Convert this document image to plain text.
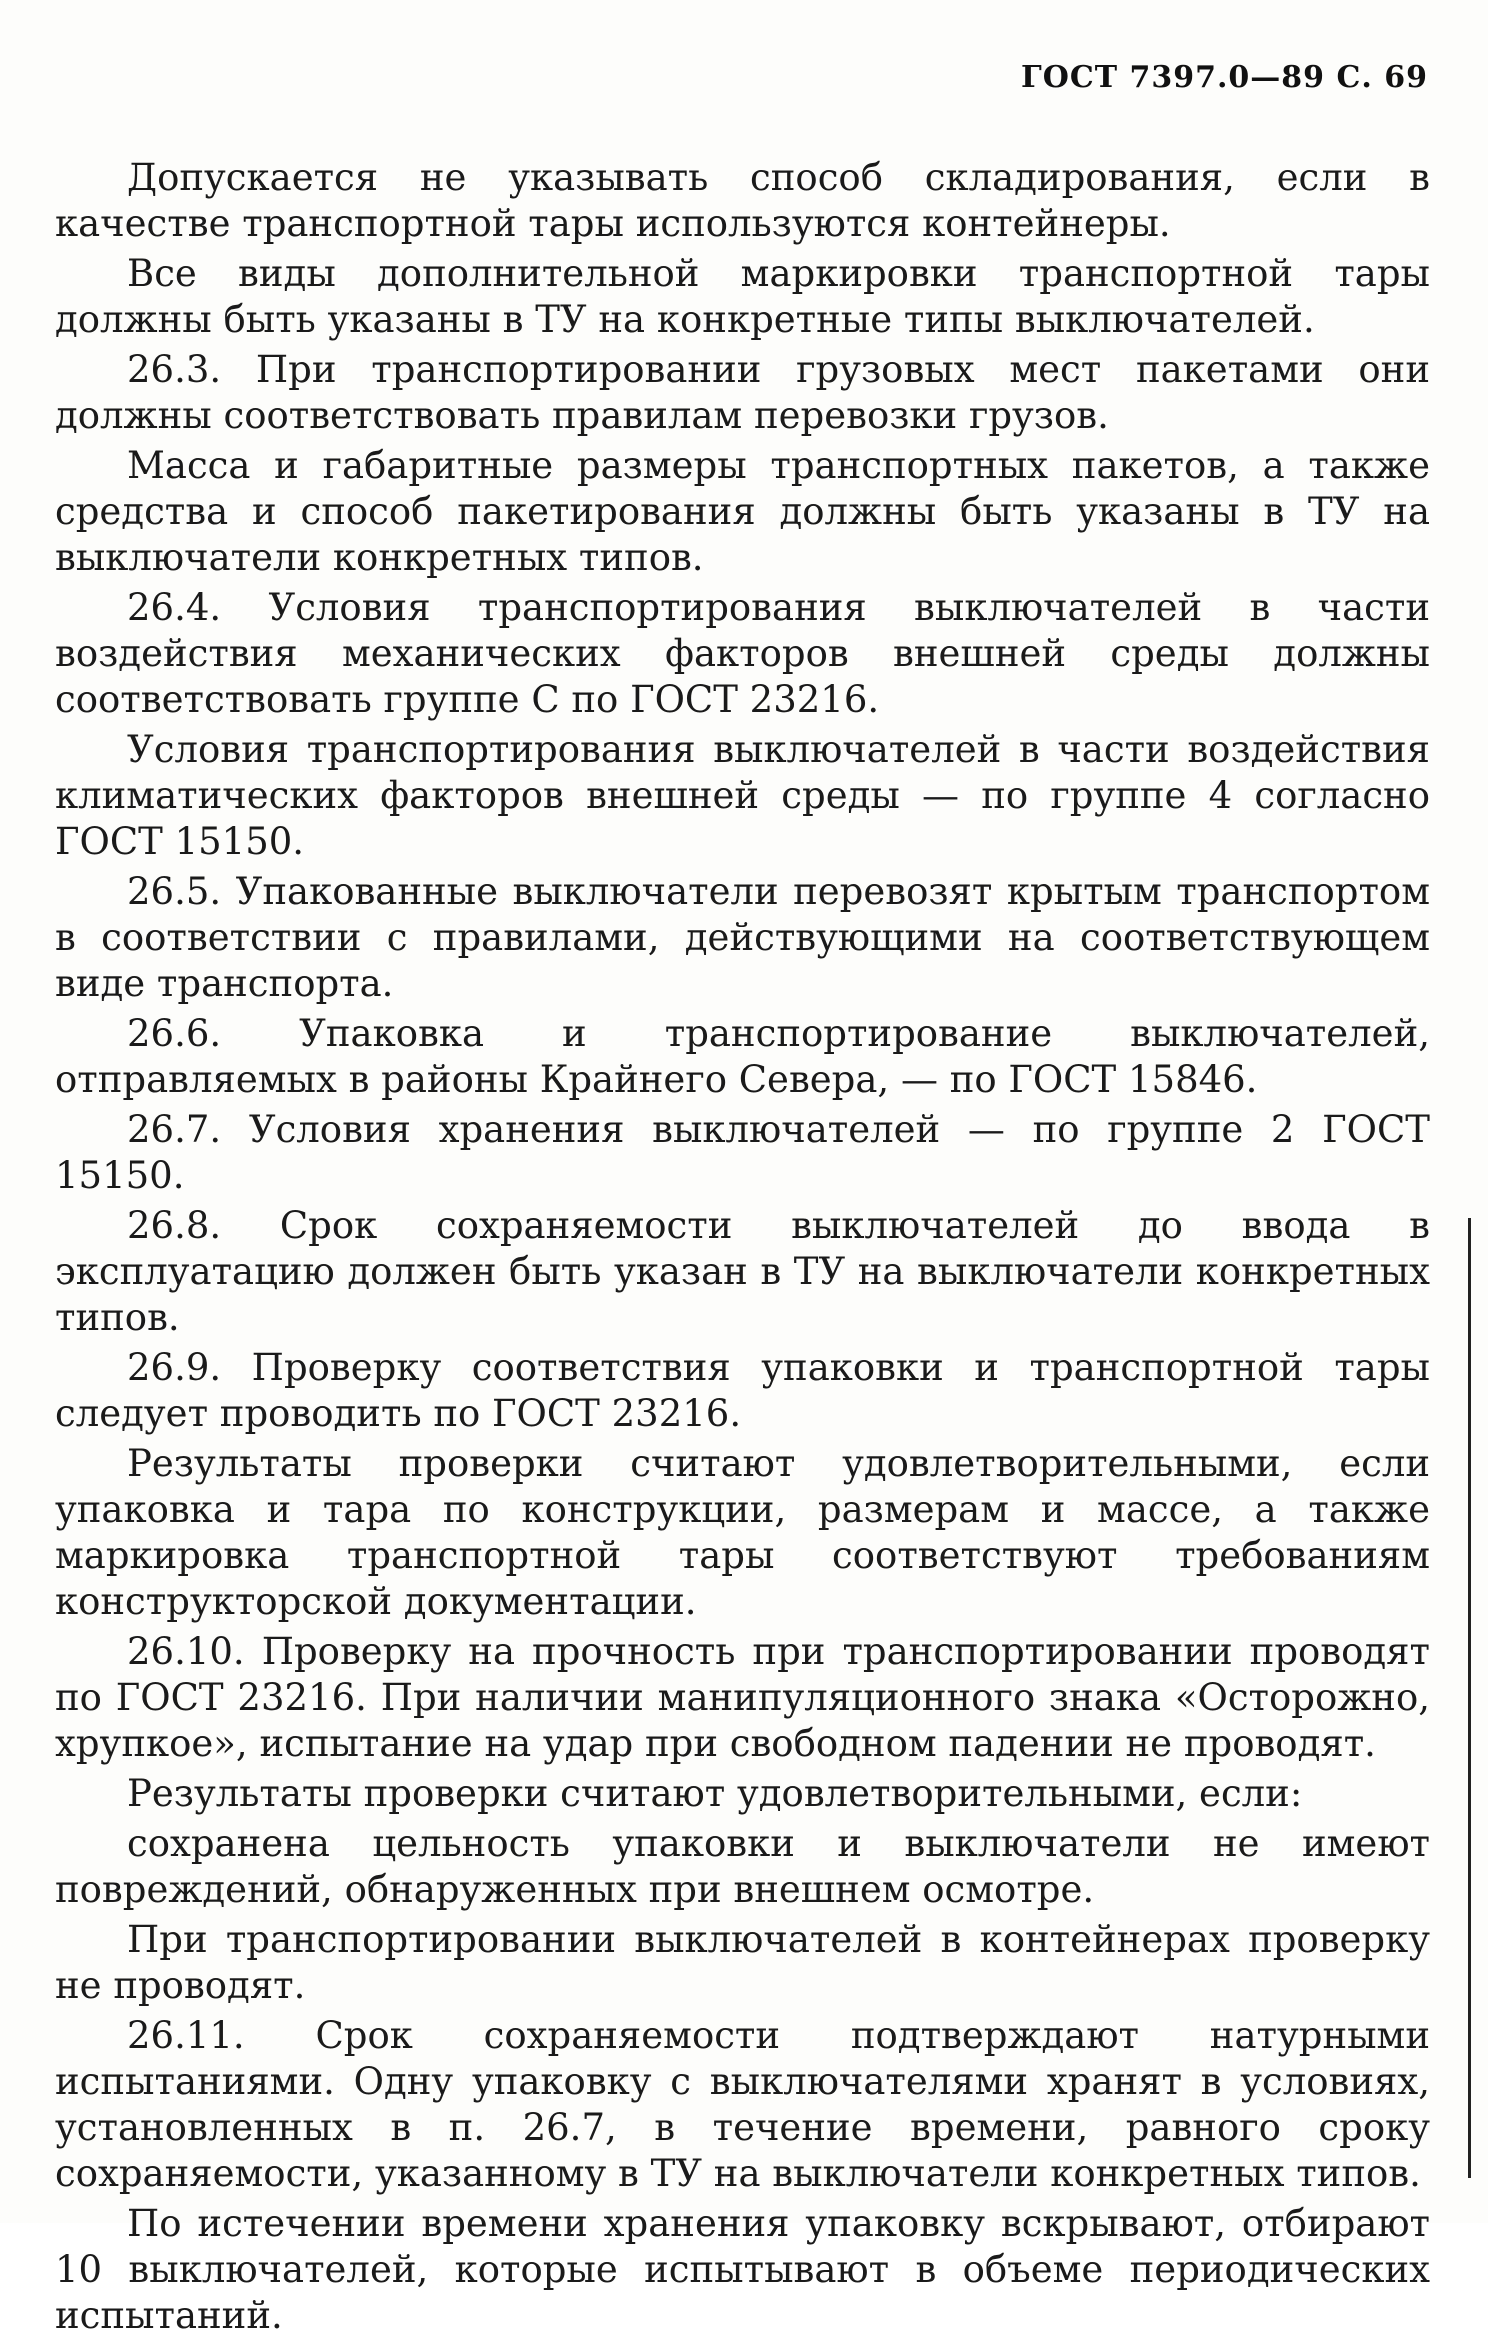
ГОСТ 7397.0—89 С. 69

Допускается не указывать способ складирования, если в качестве транспортной тары используются контейнеры.

Все виды дополнительной маркировки транспортной тары должны быть указаны в ТУ на конкретные типы выключателей.

26.3. При транспортировании грузовых мест пакетами они должны соответствовать правилам перевозки грузов.

Масса и габаритные размеры транспортных пакетов, а также средства и способ пакетирования должны быть указаны в ТУ на выключатели конкретных типов.

26.4. Условия транспортирования выключателей в части воздействия механических факторов внешней среды должны соответствовать группе С по ГОСТ 23216.

Условия транспортирования выключателей в части воздействия климатических факторов внешней среды — по группе 4 согласно ГОСТ 15150.

26.5. Упакованные выключатели перевозят крытым транспортом в соответствии с правилами, действующими на соответствующем виде транспорта.

26.6. Упаковка и транспортирование выключателей, отправляемых в районы Крайнего Севера, — по ГОСТ 15846.

26.7. Условия хранения выключателей — по группе 2 ГОСТ 15150.

26.8. Срок сохраняемости выключателей до ввода в эксплуатацию должен быть указан в ТУ на выключатели конкретных типов.

26.9. Проверку соответствия упаковки и транспортной тары следует проводить по ГОСТ 23216.

Результаты проверки считают удовлетворительными, если упаковка и тара по конструкции, размерам и массе, а также маркировка транспортной тары соответствуют требованиям конструкторской документации.

26.10. Проверку на прочность при транспортировании проводят по ГОСТ 23216. При наличии манипуляционного знака «Осторожно, хрупкое», испытание на удар при свободном падении не проводят.

Результаты проверки считают удовлетворительными, если:

сохранена цельность упаковки и выключатели не имеют повреждений, обнаруженных при внешнем осмотре.

При транспортировании выключателей в контейнерах проверку не проводят.

26.11. Срок сохраняемости подтверждают натурными испытаниями. Одну упаковку с выключателями хранят в условиях, установленных в п. 26.7, в течение времени, равного сроку сохраняемости, указанному в ТУ на выключатели конкретных типов.

По истечении времени хранения упаковку вскрывают, отбирают 10 выключателей, которые испытывают в объеме периодических испытаний.
